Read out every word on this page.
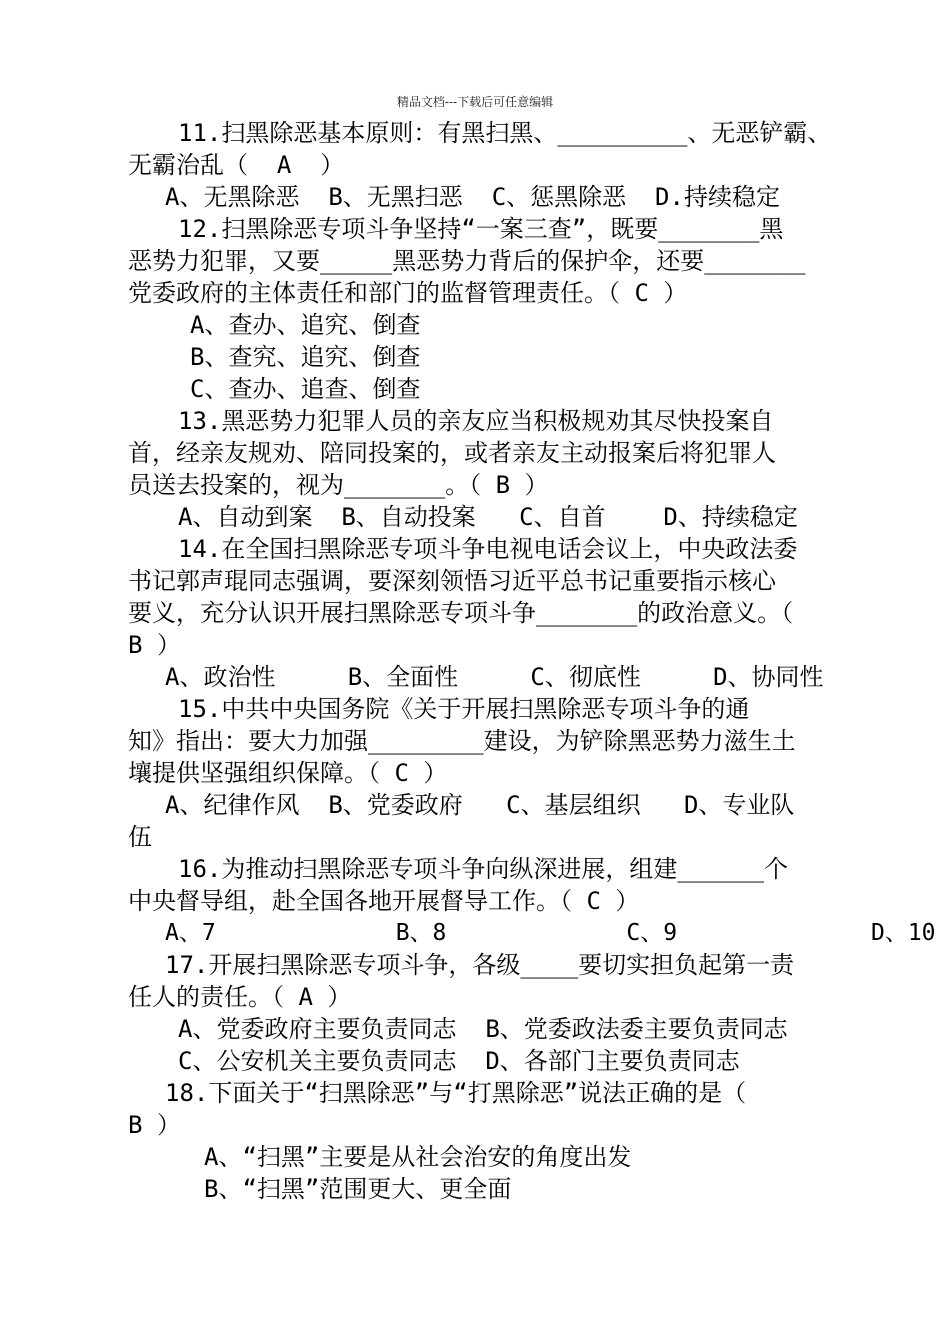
精品文档---下载后可任意编辑
11.扫黑除恶基本原则：有黑扫黑、_________、无恶铲霸、
无霸治乱（  A  ）
A、无黑除恶  B、无黑扫恶  C、惩黑除恶  D.持续稳定
12.扫黑除恶专项斗争坚持“一案三查”，既要_______黑
恶势力犯罪，又要_____黑恶势力背后的保护伞，还要_______
党委政府的主体责任和部门的监督管理责任。（ C ）
A、查办、追究、倒查
B、查究、追究、倒查
C、查办、追查、倒查
13.黑恶势力犯罪人员的亲友应当积极规劝其尽快投案自
首，经亲友规劝、陪同投案的，或者亲友主动报案后将犯罪人
员送去投案的，视为_______。（ B ）
A、自动到案  B、自动投案   C、自首    D、持续稳定
14.在全国扫黑除恶专项斗争电视电话会议上，中央政法委
书记郭声琨同志强调，要深刻领悟习近平总书记重要指示核心
要义，充分认识开展扫黑除恶专项斗争_______的政治意义。（
B ）
A、政治性     B、全面性     C、彻底性     D、协同性
15.中共中央国务院《关于开展扫黑除恶专项斗争的通
知》指出：要大力加强________建设，为铲除黑恶势力滋生土
壤提供坚强组织保障。（ C ）
A、纪律作风  B、党委政府   C、基层组织   D、专业队
伍
16.为推动扫黑除恶专项斗争向纵深进展，组建______个
中央督导组，赴全国各地开展督导工作。（ C ）
A、7             B、8             C、9              D、10
17.开展扫黑除恶专项斗争，各级____要切实担负起第一责
任人的责任。（ A ）
A、党委政府主要负责同志  B、党委政法委主要负责同志
C、公安机关主要负责同志  D、各部门主要负责同志
18.下面关于“扫黑除恶”与“打黑除恶”说法正确的是（
B ）
A、“扫黑”主要是从社会治安的角度出发
B、“扫黑”范围更大、更全面
